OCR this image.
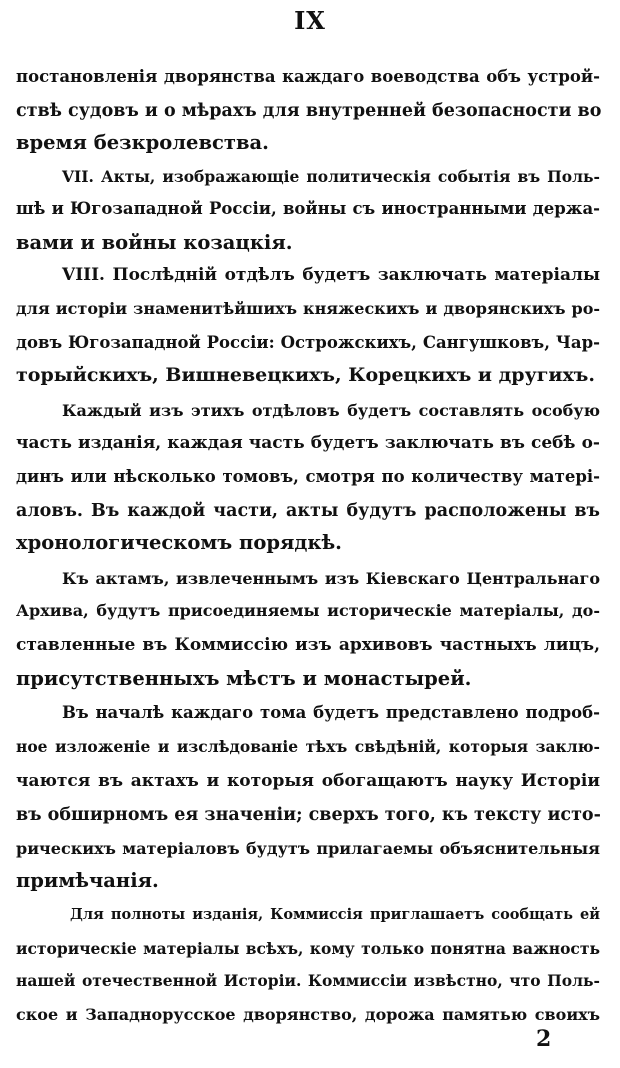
IX
постановленія дворянства каждаго воеводства объ устрой-
ствѣ судовъ и о мѣрахъ для внутренней безопасности во
время безкролевства.
VII. Акты, изображающіе политическія событія въ Поль-
шѣ и Югозападной Россіи, войны съ иностранными держа-
вами и войны козацкія.
VIII. Послѣдній отдѣлъ будетъ заключать матеріалы
для исторіи знаменитѣйшихъ княжескихъ и дворянскихъ ро-
довъ Югозападной Россіи: Острожскихъ, Сангушковъ, Чар-
торыйскихъ, Вишневецкихъ, Корецкихъ и другихъ.
Каждый изъ этихъ отдѣловъ будетъ составлять особую
часть изданія, каждая часть будетъ заключать въ себѣ о-
динъ или нѣсколько томовъ, смотря по количеству матері-
аловъ. Въ каждой части, акты будутъ расположены въ
хронологическомъ порядкѣ.
Къ актамъ, извлеченнымъ изъ Кіевскаго Центральнаго
Архива, будутъ присоединяемы историческіе матеріалы, до-
ставленные въ Коммиссію изъ архивовъ частныхъ лицъ,
присутственныхъ мѣстъ и монастырей.
Въ началѣ каждаго тома будетъ представлено подроб-
ное изложеніе и изслѣдованіе тѣхъ свѣдѣній, которыя заклю-
чаются въ актахъ и которыя обогащаютъ науку Исторіи
въ обширномъ ея значеніи; сверхъ того, къ тексту исто-
рическихъ матеріаловъ будутъ прилагаемы объяснительныя
примѣчанія.
Для полноты изданія, Коммиссія приглашаетъ сообщать ей
историческіе матеріалы всѣхъ, кому только понятна важность
нашей отечественной Исторіи. Коммиссіи извѣстно, что Поль-
ское и Западнорусское дворянство, дорожа памятью своихъ
2
